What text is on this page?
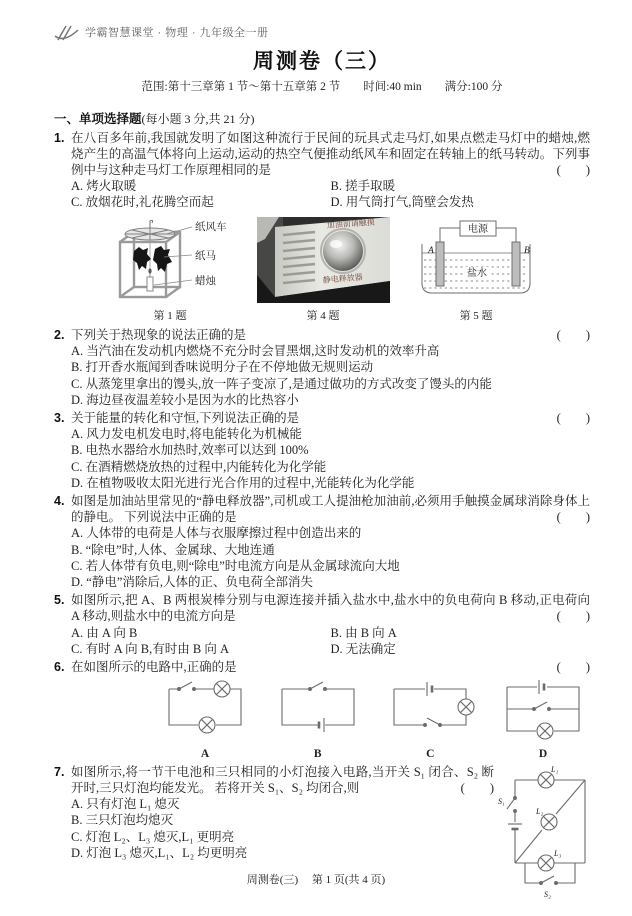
学霸智慧课堂 · 物理 · 九年级全一册
周测卷（三）
范围:第十三章第 1 节～第十五章第 2 节　　时间:40 min　　满分:100 分
一、单项选择题(每小题 3 分,共 21 分)
1. 在八百多年前,我国就发明了如图这种流行于民间的玩具式走马灯,如果点燃走马灯中的蜡烛,燃烧产生的高温气体将向上运动,运动的热空气便推动纸风车和固定在转轴上的纸马转动。下列事例中与这种走马灯工作原理相同的是	(　　)
A. 烤火取暖	B. 搓手取暖
C. 放烟花时,礼花腾空而起	D. 用气筒打气,筒壁会发热
纸风车
纸马
蜡烛
第 1 题
加油前请触摸
静电释放器
第 4 题
电源
A	B
盐水
第 5 题
2. 下列关于热现象的说法正确的是	(　　)
A. 当汽油在发动机内燃烧不充分时会冒黑烟,这时发动机的效率升高
B. 打开香水瓶闻到香味说明分子在不停地做无规则运动
C. 从蒸笼里拿出的馒头,放一阵子变凉了,是通过做功的方式改变了馒头的内能
D. 海边昼夜温差较小是因为水的比热容小
3. 关于能量的转化和守恒,下列说法正确的是	(　　)
A. 风力发电机发电时,将电能转化为机械能
B. 电热水器给水加热时,效率可以达到 100%
C. 在酒精燃烧放热的过程中,内能转化为化学能
D. 在植物吸收太阳光进行光合作用的过程中,光能转化为化学能
4. 如图是加油站里常见的“静电释放器”,司机或工人提油枪加油前,必须用手触摸金属球消除身体上的静电。 下列说法中正确的是	(　　)
A. 人体带的电荷是人体与衣服摩擦过程中创造出来的
B. “除电”时,人体、金属球、大地连通
C. 若人体带有负电,则“除电”时电流方向是从金属球流向大地
D. “静电”消除后,人体的正、负电荷全部消失
5. 如图所示,把 A、B 两根炭棒分别与电源连接并插入盐水中,盐水中的负电荷向 B 移动,正电荷向 A 移动,则盐水中的电流方向是	(　　)
A. 由 A 向 B	B. 由 B 向 A
C. 有时 A 向 B,有时由 B 向 A	D. 无法确定
6. 在如图所示的电路中,正确的是	(　　)
A	B	C	D
7. 如图所示,将一节干电池和三只相同的小灯泡接入电路,当开关 S₁ 闭合、S₂ 断开时,三只灯泡均能发光。 若将开关 S₁、S₂ 均闭合,则	(　　)
A. 只有灯泡 L₁ 熄灭
B. 三只灯泡均熄灭
C. 灯泡 L₂、L₃ 熄灭,L₁ 更明亮
D. 灯泡 L₃ 熄灭,L₁、L₂ 均更明亮
L₁
L₂
L₃
S₁
S₂
周测卷(三)　 第 1 页(共 4 页)
